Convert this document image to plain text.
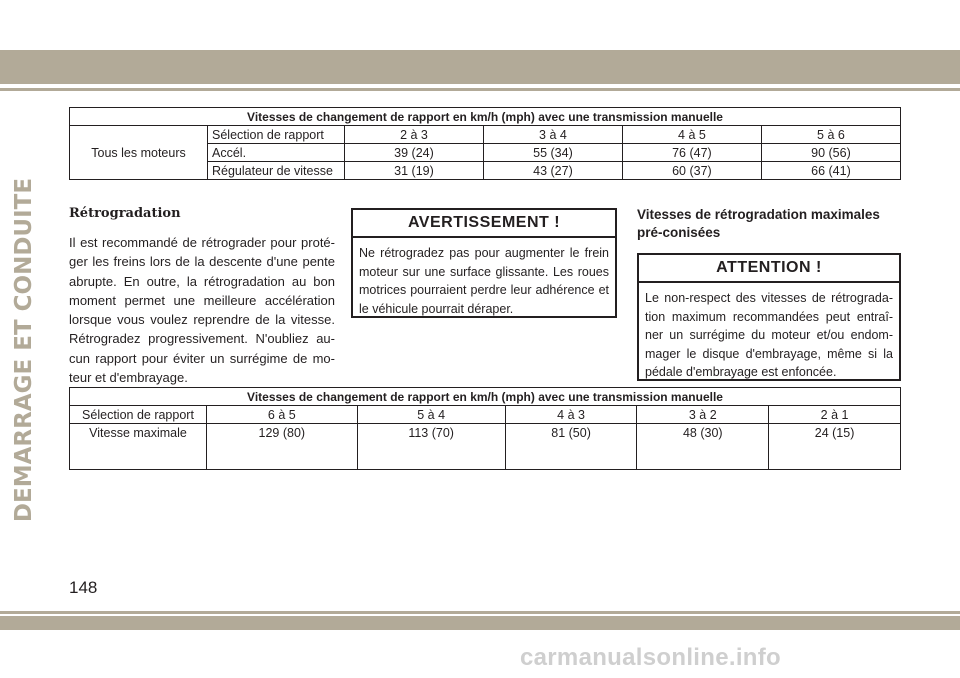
DEMARRAGE ET CONDUITE
Vitesses de changement de rapport en km/h (mph) avec une transmission manuelle					
Tous les moteurs	Sélection de rapport	2 à 3	3 à 4	4 à 5	5 à 6
	Accél.	39 (24)	55 (34)	76 (47)	90 (56)
	Régulateur de vitesse	31 (19)	43 (27)	60 (37)	66 (41)
Rétrogradation
Il est recommandé de rétrograder pour proté-ger les freins lors de la descente d'une pente abrupte. En outre, la rétrogradation au bon moment permet une meilleure accélération lorsque vous voulez reprendre de la vitesse. Rétrogradez progressivement. N'oubliez au-cun rapport pour éviter un surrégime de mo-teur et d'embrayage.
AVERTISSEMENT !
Ne rétrogradez pas pour augmenter le frein moteur sur une surface glissante. Les roues motrices pourraient perdre leur adhérence et le véhicule pourrait déraper.
Vitesses de rétrogradation maximales pré-conisées
ATTENTION !
Le non-respect des vitesses de rétrograda-tion maximum recommandées peut entraî-ner un surrégime du moteur et/ou endom-mager le disque d'embrayage, même si la pédale d'embrayage est enfoncée.
Vitesses de changement de rapport en km/h (mph) avec une transmission manuelle					
Sélection de rapport	6 à 5	5 à 4	4 à 3	3 à 2	2 à 1
Vitesse maximale	129 (80)	113 (70)	81 (50)	48 (30)	24 (15)
148
carmanualsonline.info
